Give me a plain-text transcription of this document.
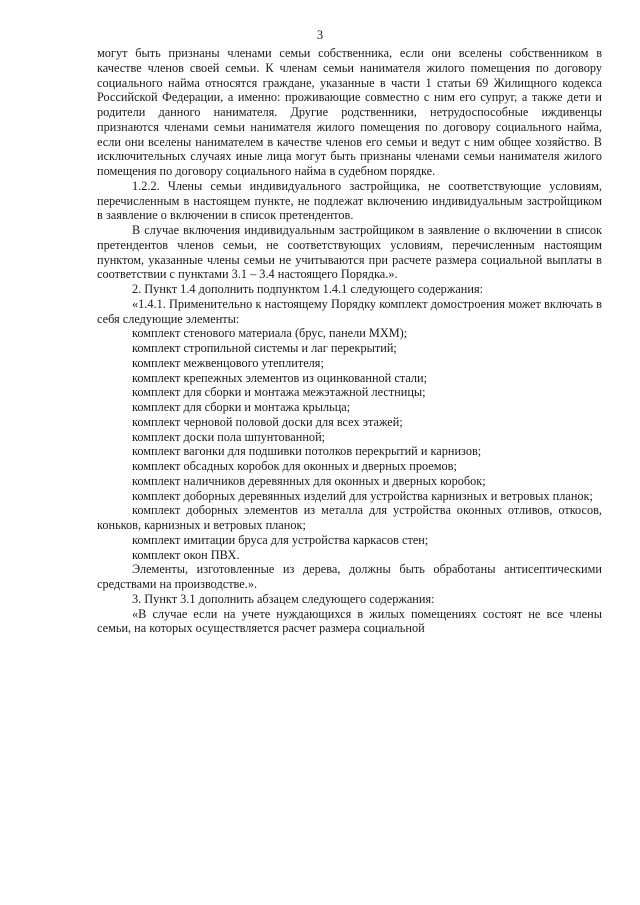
3

могут быть признаны членами семьи собственника, если они вселены собственником в качестве членов своей семьи. К членам семьи нанимателя жилого помещения по договору социального найма относятся граждане, указанные в части 1 статьи 69 Жилищного кодекса Российской Федерации, а именно: проживающие совместно с ним его супруг, а также дети и родители данного нанимателя. Другие родственники, нетрудоспособные иждивенцы признаются членами семьи нанимателя жилого помещения по договору социального найма, если они вселены нанимателем в качестве членов его семьи и ведут с ним общее хозяйство. В исключительных случаях иные лица могут быть признаны членами семьи нанимателя жилого помещения по договору социального найма в судебном порядке.

1.2.2. Члены семьи индивидуального застройщика, не соответствующие условиям, перечисленным в настоящем пункте, не подлежат включению индивидуальным застройщиком в заявление о включении в список претендентов.

В случае включения индивидуальным застройщиком в заявление о включении в список претендентов членов семьи, не соответствующих условиям, перечисленным настоящим пунктом, указанные члены семьи не учитываются при расчете размера социальной выплаты в соответствии с пунктами 3.1 – 3.4 настоящего Порядка.».

2. Пункт 1.4 дополнить подпунктом 1.4.1 следующего содержания:

«1.4.1. Применительно к настоящему Порядку комплект домостроения может включать в себя следующие элементы:

комплект стенового материала (брус, панели МХМ);

комплект стропильной системы и лаг перекрытий;

комплект межвенцового утеплителя;

комплект крепежных элементов из оцинкованной стали;

комплект для сборки и монтажа межэтажной лестницы;

комплект для сборки и монтажа крыльца;

комплект черновой половой доски для всех этажей;

комплект доски пола шпунтованной;

комплект вагонки для подшивки потолков перекрытий и карнизов;

комплект обсадных коробок для оконных и дверных проемов;

комплект наличников деревянных для оконных и дверных коробок;

комплект доборных деревянных изделий для устройства карнизных и ветровых планок;

комплект доборных элементов из металла для устройства оконных отливов, откосов, коньков, карнизных и ветровых планок;

комплект имитации бруса для устройства каркасов стен;

комплект окон ПВХ.

Элементы, изготовленные из дерева, должны быть обработаны антисептическими средствами на производстве.».

3. Пункт 3.1 дополнить абзацем следующего содержания:

«В случае если на учете нуждающихся в жилых помещениях состоят не все члены семьи, на которых осуществляется расчет размера социальной
